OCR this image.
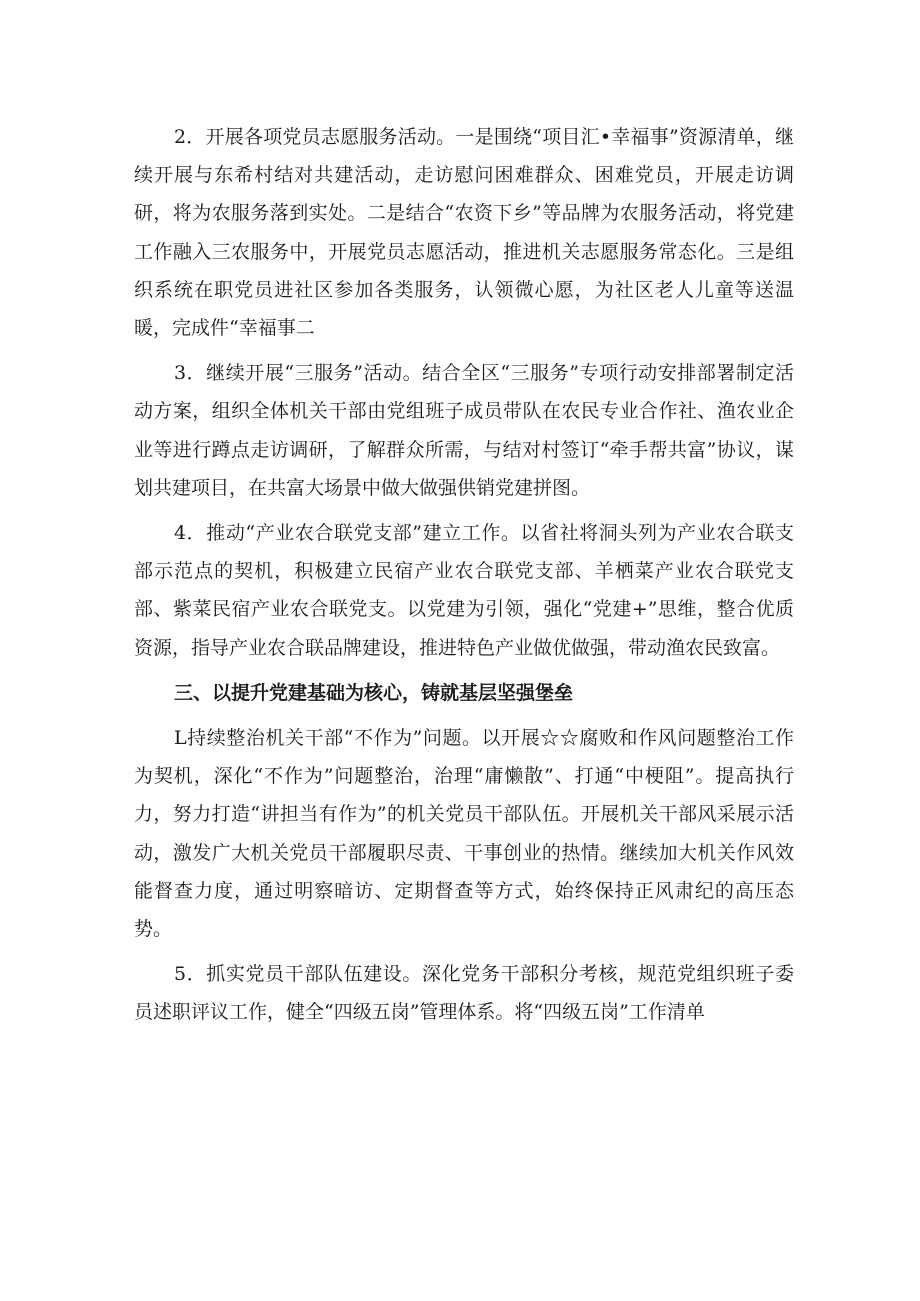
2．开展各项党员志愿服务活动。一是围绕“项目汇•幸福事”资源清单，继续开展与东希村结对共建活动，走访慰问困难群众、困难党员，开展走访调研，将为农服务落到实处。二是结合“农资下乡”等品牌为农服务活动，将党建工作融入三农服务中，开展党员志愿活动，推进机关志愿服务常态化。三是组织系统在职党员进社区参加各类服务，认领微心愿，为社区老人儿童等送温暖，完成件“幸福事二

3．继续开展“三服务”活动。结合全区“三服务”专项行动安排部署制定活动方案，组织全体机关干部由党组班子成员带队在农民专业合作社、渔农业企业等进行蹲点走访调研，了解群众所需，与结对村签订“牵手帮共富”协议，谋划共建项目，在共富大场景中做大做强供销党建拼图。

4．推动“产业农合联党支部”建立工作。以省社将洞头列为产业农合联支部示范点的契机，积极建立民宿产业农合联党支部、羊栖菜产业农合联党支部、紫菜民宿产业农合联党支。以党建为引领，强化“党建+”思维，整合优质资源，指导产业农合联品牌建设，推进特色产业做优做强，带动渔农民致富。

三、以提升党建基础为核心，铸就基层坚强堡垒

L持续整治机关干部“不作为”问题。以开展☆☆腐败和作风问题整治工作为契机，深化“不作为”问题整治，治理“庸懒散”、打通“中梗阻”。提高执行力，努力打造“讲担当有作为”的机关党员干部队伍。开展机关干部风采展示活动，激发广大机关党员干部履职尽责、干事创业的热情。继续加大机关作风效能督查力度，通过明察暗访、定期督查等方式，始终保持正风肃纪的高压态势。

5．抓实党员干部队伍建设。深化党务干部积分考核，规范党组织班子委员述职评议工作，健全“四级五岗”管理体系。将“四级五岗”工作清单
